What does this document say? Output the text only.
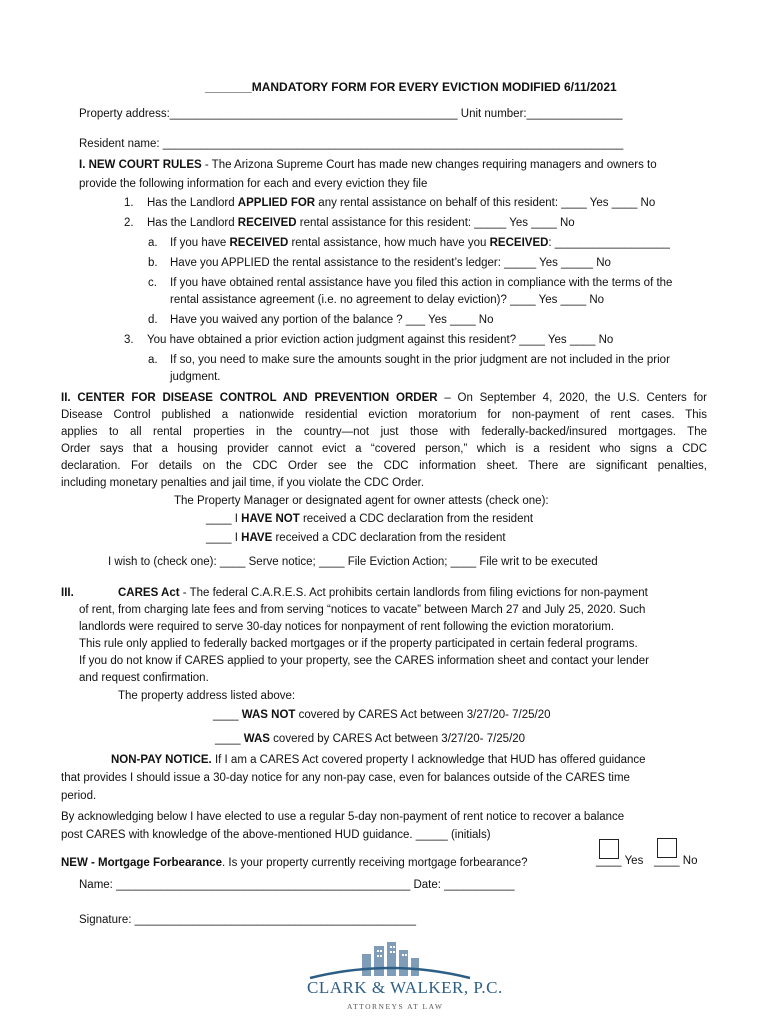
_______MANDATORY FORM FOR EVERY EVICTION MODIFIED 6/11/2021
Property address:_____________________________________________ Unit number:_______________
Resident name: ________________________________________________________________________
I. NEW COURT RULES - The Arizona Supreme Court has made new changes requiring managers and owners to
provide the following information for each and every eviction they file
1. Has the Landlord APPLIED FOR any rental assistance on behalf of this resident: ____ Yes ____ No
2. Has the Landlord RECEIVED rental assistance for this resident: _____ Yes ____ No
a. If you have RECEIVED rental assistance, how much have you RECEIVED: __________________
b. Have you APPLIED the rental assistance to the resident’s ledger: _____ Yes _____ No
c. If you have obtained rental assistance have you filed this action in compliance with the terms of the
rental assistance agreement (i.e. no agreement to delay eviction)? ____ Yes ____ No
d. Have you waived any portion of the balance ? ___ Yes ____ No
3. You have obtained a prior eviction action judgment against this resident? ____ Yes ____ No
a. If so, you need to make sure the amounts sought in the prior judgment are not included in the prior
judgment.
II. CENTER FOR DISEASE CONTROL AND PREVENTION ORDER – On September 4, 2020, the U.S. Centers for
Disease Control published a nationwide residential eviction moratorium for non-payment of rent cases. This
applies to all rental properties in the country—not just those with federally-backed/insured mortgages. The
Order says that a housing provider cannot evict a “covered person,” which is a resident who signs a CDC
declaration. For details on the CDC Order see the CDC information sheet. There are significant penalties,
including monetary penalties and jail time, if you violate the CDC Order.
The Property Manager or designated agent for owner attests (check one):
____ I HAVE NOT received a CDC declaration from the resident
____ I HAVE received a CDC declaration from the resident
I wish to (check one): ____ Serve notice; ____ File Eviction Action; ____ File writ to be executed
III.	CARES Act - The federal C.A.R.E.S. Act prohibits certain landlords from filing evictions for non-payment
of rent, from charging late fees and from serving “notices to vacate” between March 27 and July 25, 2020. Such
landlords were required to serve 30-day notices for nonpayment of rent following the eviction moratorium.
This rule only applied to federally backed mortgages or if the property participated in certain federal programs.
If you do not know if CARES applied to your property, see the CARES information sheet and contact your lender
and request confirmation.
The property address listed above:
____ WAS NOT covered by CARES Act between 3/27/20- 7/25/20
____ WAS covered by CARES Act between 3/27/20- 7/25/20
NON-PAY NOTICE. If I am a CARES Act covered property I acknowledge that HUD has offered guidance
that provides I should issue a 30-day notice for any non-pay case, even for balances outside of the CARES time
period.
By acknowledging below I have elected to use a regular 5-day non-payment of rent notice to recover a balance
post CARES with knowledge of the above-mentioned HUD guidance. _____ (initials)
NEW - Mortgage Forbearance. Is your property currently receiving mortgage forbearance?	____ Yes ____ No
Name: ______________________________________________ Date: ___________
Signature: ____________________________________________
CLARK & WALKER, P.C.
ATTORNEYS AT LAW
